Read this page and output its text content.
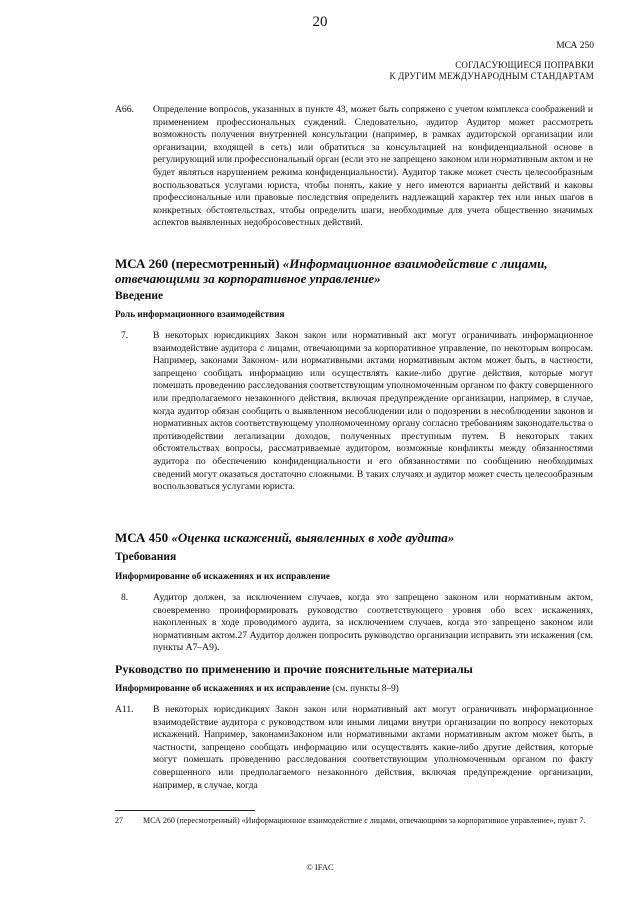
20
МСА 250
СОГЛАСУЮЩИЕСЯ ПОПРАВКИ
К ДРУГИМ МЕЖДУНАРОДНЫМ СТАНДАРТАМ
А66. Определение вопросов, указанных в пункте 43, может быть сопряжено с учетом комплекса соображений и применением профессиональных суждений. Следовательно, аудитор Аудитор может рассмотреть возможность получения внутренней консультации (например, в рамках аудиторской организации или организации, входящей в сеть) или обратиться за консультацией на конфиденциальной основе в регулирующий или профессиональный орган (если это не запрещено законом или нормативным актом и не будет являться нарушением режима конфиденциальности). Аудитор также может счесть целесообразным воспользоваться услугами юриста, чтобы понять, какие у него имеются варианты действий и каковы профессиональные или правовые последствия определить надлежащий характер тех или иных шагов в конкретных обстоятельствах, чтобы определить шаги, необходимые для учета общественно значимых аспектов выявленных недобросовестных действий.
МСА 260 (пересмотренный) «Информационное взаимодействие с лицами, отвечающими за корпоративное управление»
Введение
Роль информационного взаимодействия
7.	В некоторых юрисдикциях Закон закон или нормативный акт могут ограничивать информационное взаимодействие аудитора с лицами, отвечающими за корпоративное управление, по некоторым вопросам. Например, законами Законом- или нормативными актами нормативным актом может быть, в частности, запрещено сообщать информацию или осуществлять какие-либо другие действия, которые могут помешать проведению расследования соответствующим уполномоченным органом по факту совершенного или предполагаемого незаконного действия, включая предупреждение организации, например, в случае, когда аудитор обязан сообщить о выявленном несоблюдении или о подозрении в несоблюдении законов и нормативных актов соответствующему уполномоченному органу согласно требованиям законодательства о противодействии легализации доходов, полученных преступным путем. В некоторых таких обстоятельствах вопросы, рассматриваемые аудитором, возможные конфликты между обязанностями аудитора по обеспечению конфиденциальности и его обязанностями по сообщению необходимых сведений могут оказаться достаточно сложными. В таких случаях и аудитор может счесть целесообразным воспользоваться услугами юриста.
МСА 450 «Оценка искажений, выявленных в ходе аудита»
Требования
Информирование об искажениях и их исправление
8.	Аудитор должен, за исключением случаев, когда это запрещено законом или нормативным актом, своевременно проинформировать руководство соответствующего уровня обо всех искажениях, накопленных в ходе проводимого аудита, за исключением случаев, когда это запрещено законом или нормативным актом.27 Аудитор должен попросить руководство организации исправить эти искажения (см. пункты А7–А9).
Руководство по применению и прочие пояснительные материалы
Информирование об искажениях и их исправление (см. пункты 8–9)
А11. В некоторых юрисдикциях Закон закон или нормативный акт могут ограничивать информационное взаимодействие аудитора с руководством или иными лицами внутри организации по вопросу некоторых искажений. Например, законамиЗаконом или нормативными актами нормативным актом может быть, в частности, запрещено сообщать информацию или осуществлять какие-либо другие действия, которые могут помешать проведению расследования соответствующим уполномоченным органом по факту совершенного или предполагаемого незаконного действия, включая предупреждение организации, например, в случае, когда
27	МСА 260 (пересмотренный) «Информационное взаимодействие с лицами, отвечающими за корпоративное управление», пункт 7.
© IFAC
